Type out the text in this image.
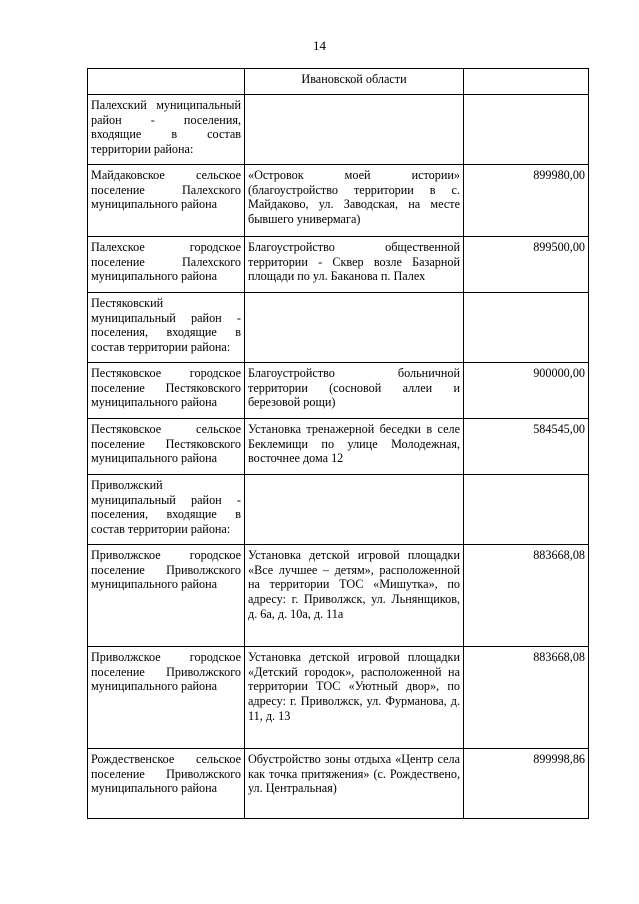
14
	Ивановской области	
Палехский муниципальный район - поселения, входящие в состав территории района:		
Майдаковское сельское поселение Палехского муниципального района	«Островок моей истории» (благоустройство территории в с. Майдаково, ул. Заводская, на месте бывшего универмага)	899980,00
Палехское городское поселение Палехского муниципального района	Благоустройство общественной территории - Сквер возле Базарной площади по ул. Баканова п. Палех	899500,00
Пестяковский муниципальный район - поселения, входящие в состав территории района:		
Пестяковское городское поселение Пестяковского муниципального района	Благоустройство больничной территории (сосновой аллеи и березовой рощи)	900000,00
Пестяковское сельское поселение Пестяковского муниципального района	Установка тренажерной беседки в селе Беклемищи по улице Молодежная, восточнее дома 12	584545,00
Приволжский муниципальный район - поселения, входящие в состав территории района:		
Приволжское городское поселение Приволжского муниципального района	Установка детской игровой площадки «Все лучшее – детям», расположенной на территории ТОС «Мишутка», по адресу: г. Приволжск, ул. Льнянщиков, д. 6а, д. 10а, д. 11а	883668,08
Приволжское городское поселение Приволжского муниципального района	Установка детской игровой площадки «Детский городок», расположенной на территории ТОС «Уютный двор», по адресу: г. Приволжск, ул. Фурманова, д. 11, д. 13	883668,08
Рождественское сельское поселение Приволжского муниципального района	Обустройство зоны отдыха «Центр села как точка притяжения» (с. Рождествено, ул. Центральная)	899998,86
